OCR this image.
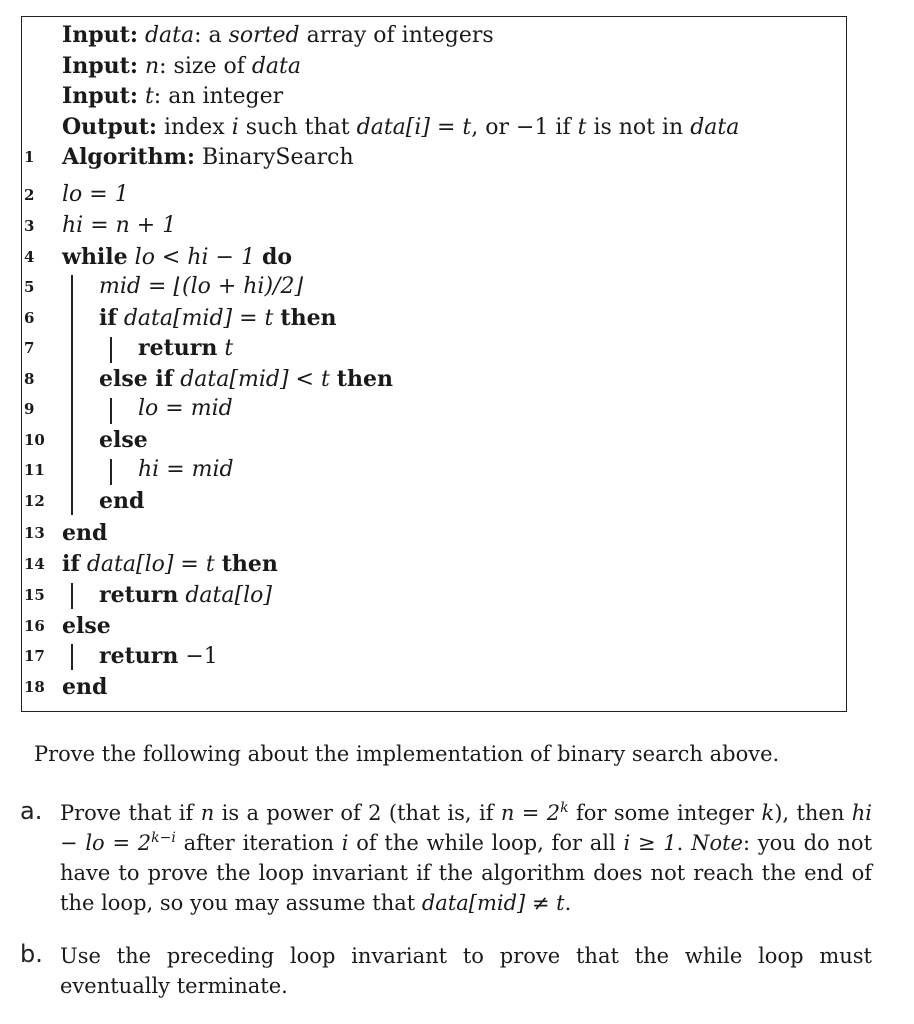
Input: data: a sorted array of integers
Input: n: size of data
Input: t: an integer
Output: index i such that data[i] = t, or −1 if t is not in data
1	Algorithm: BinarySearch
2	lo = 1
3	hi = n + 1
4	while lo < hi − 1 do
5	mid = ⌊(lo + hi)/2⌋
6	if data[mid] = t then
7	return t
8	else if data[mid] < t then
9	lo = mid
10 else
11	hi = mid
12 end
13 end
14 if data[lo] = t then
15 return data[lo]
16 else
17 return −1
18 end
Prove the following about the implementation of binary search above.
a. Prove that if n is a power of 2 (that is, if $n = 2^k$ for some integer k), then hi − lo = $2^{k-i}$ after iteration i of the while loop, for all i ≥ 1. Note: you do not have to prove the loop invariant if the algorithm does not reach the end of the loop, so you may assume that data[mid] ≠ t.
b. Use the preceding loop invariant to prove that the while loop must eventually terminate.
